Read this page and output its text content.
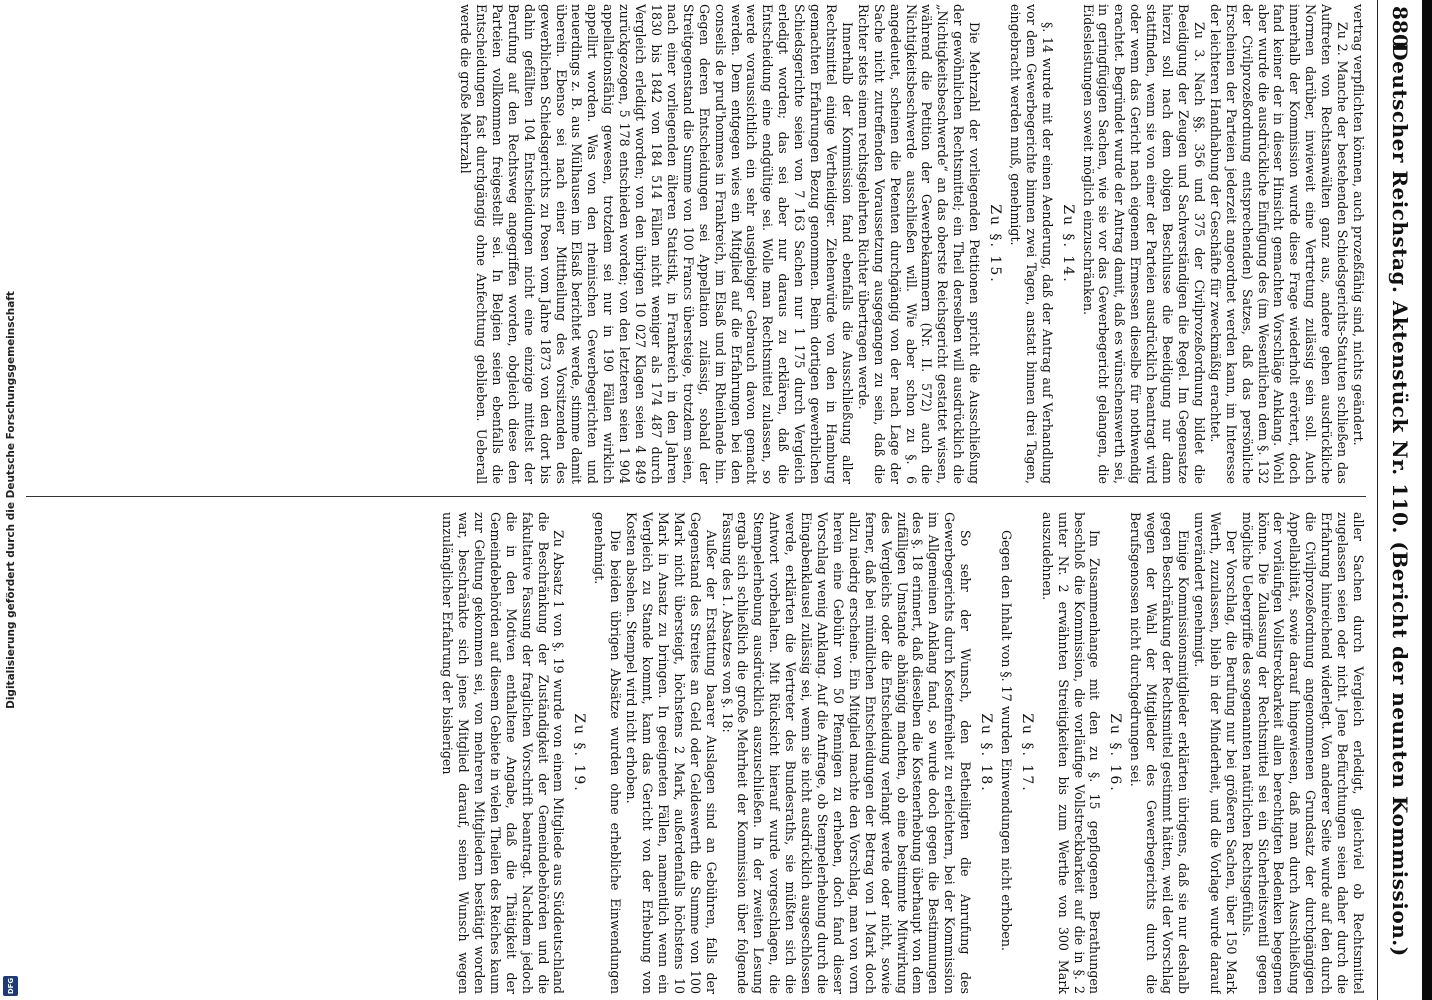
Digitalisierung gefördert durch die Deutsche Forschungsgemeinschaft
DFG
880
Deutscher Reichstag. Aktenstück Nr. 110. (Bericht der neunten Kommission.)

vertrag verpflichten können, auch prozeßfähig sind, nichts geändert.

Zu 2. Manche der bestehenden Schiedsgerichts-Statuten schließen das Auftreten von Rechtsanwälten ganz aus, andere gehen ausdrückliche Normen darüber, inwieweit eine Vertretung zulässig sein soll. Auch innerhalb der Kommission wurde diese Frage wiederholt erörtert, doch fand keiner der in dieser Hinsicht gemachten Vorschläge Anklang. Wohl aber wurde die ausdrückliche Einfügung des (im Wesentlichen dem §. 132 der Civilprozeßordnung entsprechenden) Satzes, daß das persönliche Erscheinen der Parteien jederzeit angeordnet werden kann, im Interesse der leichteren Handhabung der Geschäfte für zweckmäßig erachtet.

Zu 3. Nach §§. 356 und 375 der Civilprozeßordnung bildet die Beeidigung der Zeugen und Sachverständigen die Regel. Im Gegensatze hierzu soll nach dem obigen Beschlusse die Beeidigung nur dann stattfinden, wenn sie von einer der Parteien ausdrücklich beantragt wird oder wenn das Gericht nach eigenem Ermessen dieselbe für nothwendig erachtet. Begründet wurde der Antrag damit, daß es wünschenswerth sei, in geringfügigen Sachen, wie sie vor das Gewerbegericht gelangen, die Eidesleistungen soweit möglich einzuschränken.

Zu §. 14.

§. 14 wurde mit der einen Aenderung, daß der Antrag auf Verhandlung vor dem Gewerbegerichte binnen zwei Tagen, anstatt binnen drei Tagen, eingebracht werden muß, genehmigt.

Zu §. 15.

Die Mehrzahl der vorliegenden Petitionen spricht die Ausschließung der gewöhnlichen Rechtsmittel; ein Theil derselben will ausdrücklich die „Nichtigkeitsbeschwerde“ an das oberste Reichsgericht gestattet wissen, während die Petition der Gewerbekammern (Nr. II. 572) auch die Nichtigkeitsbeschwerde ausschließen will. Wie aber schon zu §. 6 angedeutet, scheinen die Petenten durchgängig von der nach Lage der Sache nicht zutreffenden Voraussetzung ausgegangen zu sein, daß die Richter stets einem rechtsgelehrten Richter übertragen werde.

Innerhalb der Kommission fand ebenfalls die Ausschließung aller Rechtsmittel einige Vertheidiger. Ziehenwürde von den in Hamburg gemachten Erfahrungen Bezug genommen. Beim dortigen gewerblichen Schiedsgerichte seien von 7 163 Sachen nur 1 175 durch Vergleich erledigt worden; das sei aber nur daraus zu erklären, daß die Entscheidung eine endgültige sei. Wolle man Rechtsmittel zulassen, so werde voraussichtlich ein sehr ausgiebiger Gebrauch davon gemacht werden. Dem entgegen wies ein Mitglied auf die Erfahrungen bei den conseils de prud'hommes in Frankreich, im Elsaß und im Rheinlande hin. Gegen deren Entscheidungen sei Appellation zulässig, sobald der Streitgegenstand die Summe von 100 Francs übersteige, trotzdem seien, nach einer vorliegenden älteren Statistik, in Frankreich in den Jahren 1830 bis 1842 von 184 514 Fällen nicht weniger als 174 487 durch Vergleich erledigt worden; von den übrigen 10 027 Klagen seien 4 849 zurückgezogen, 5 178 entschieden worden; von den letzteren seien 1 904 appellationsfähig gewesen, trotzdem sei nur in 190 Fällen wirklich appellirt worden. Was von den rheinischen Gewerbegerichten und neuerdings z. B. aus Mülhausen im Elsaß berichtet werde, stimme damit überein. Ebenso sei nach einer Mittheilung des Vorsitzenden des gewerblichen Schiedsgerichts zu Posen vom Jahre 1873 von den dort bis dahin gefällten 104 Entscheidungen nicht eine einzige mittelst der Berufung auf den Rechtsweg angegriffen worden, obgleich diese den Parteien vollkommen freigestellt sei. In Belgien seien ebenfalls die Entscheidungen fast durchgängig ohne Anfechtung geblieben. Ueberall werde die große Mehrzahl

aller Sachen durch Vergleich erledigt, gleichviel ob Rechtsmittel zugelassen seien oder nicht. Jene Befürchtungen seien daher durch die Erfahrung hinreichend widerlegt. Von anderer Seite wurde auf den durch die Civilprozeßordnung angenommenen Grundsatz der durchgängigen Appellabilität, sowie darauf hingewiesen, daß man durch Ausschließung der vorläufigen Vollstreckbarkeit allen berechtigten Bedenken begegnen könne. Die Zulassung der Rechtsmittel sei ein Sicherheitsventil gegen mögliche Uebergriffe des sogenannten natürlichen Rechtsgefühls.

Der Vorschlag, die Berufung nur bei größeren Sachen, über 150 Mark Werth, zuzulassen, blieb in der Minderheit, und die Vorlage wurde darauf unverändert genehmigt.

Einige Kommissionsmitglieder erklärten übrigens, daß sie nur deshalb gegen Beschränkung der Rechtsmittel gestimmt hätten, weil der Vorschlag wegen der Wahl der Mitglieder des Gewerbegerichts durch die Berufsgenossen nicht durchgedrungen sei.

Zu §. 16.

Im Zusammenhange mit den zu §. 15 gepflogenen Berathungen beschloß die Kommission, die vorläufige Vollstreckbarkeit auf die in §. 2 unter Nr. 2 erwähnten Streitigkeiten bis zum Werthe von 300 Mark auszudehnen.

Zu §. 17.

Gegen den Inhalt von §. 17 wurden Einwendungen nicht erhoben.

Zu §. 18.

So sehr der Wunsch, den Betheiligten die Anrufung des Gewerbegerichts durch Kostenfreiheit zu erleichtern, bei der Kommission im Allgemeinen Anklang fand, so wurde doch gegen die Bestimmungen des §. 18 erinnert, daß dieselben die Kostenerhebung überhaupt von dem zufälligen Umstande abhängig machten, ob eine bestimmte Mitwirkung des Vergleichs oder die Entscheidung verlangt werde oder nicht, sowie ferner, daß bei mündlichen Entscheidungen der Betrag von 1 Mark doch allzu niedrig erscheine. Ein Mitglied machte den Vorschlag, man von vorn herein eine Gebühr von 50 Pfennigen zu erheben, doch fand dieser Vorschlag wenig Anklang. Auf die Anfrage, ob Stempelerhebung durch die Eingabenklausel zulässig sei, wenn sie nicht ausdrücklich ausgeschlossen werde, erklärten die Vertreter des Bundesraths, sie müßten sich die Antwort vorbehalten. Mit Rücksicht hierauf wurde vorgeschlagen, die Stempelerhebung ausdrücklich auszuschließen. In der zweiten Lesung ergab sich schließlich die große Mehrheit der Kommission über folgende Fassung des 1. Absatzes von §. 18:

Außer der Erstattung baarer Auslagen sind an Gebühren, falls der Gegenstand des Streites an Geld oder Geldeswerth die Summe von 100 Mark nicht übersteigt, höchstens 2 Mark, außerdenfalls höchstens 10 Mark in Ansatz zu bringen. In geeigneten Fällen, namentlich wenn ein Vergleich zu Stande kommt, kann das Gericht von der Erhebung von Kosten absehen. Stempel wird nicht erhoben.

Die beiden übrigen Absätze wurden ohne erhebliche Einwendungen genehmigt.

Zu §. 19.

Zu Absatz 1 von §. 19 wurde von einem Mitgliede aus Süddeutschland die Beschränkung der Zuständigkeit der Gemeindebehörden und die fakultative Fassung der fraglichen Vorschrift beantragt. Nachdem jedoch die in den Motiven enthaltene Angabe, daß die Thätigkeit der Gemeindebehörden auf diesem Gebiete in vielen Theilen des Reiches kaum zur Geltung gekommen sei, von mehreren Mitgliedern bestätigt worden war, beschränkte sich jenes Mitglied darauf, seinen Wunsch wegen unzulänglicher Erfahrung der bisherigen
